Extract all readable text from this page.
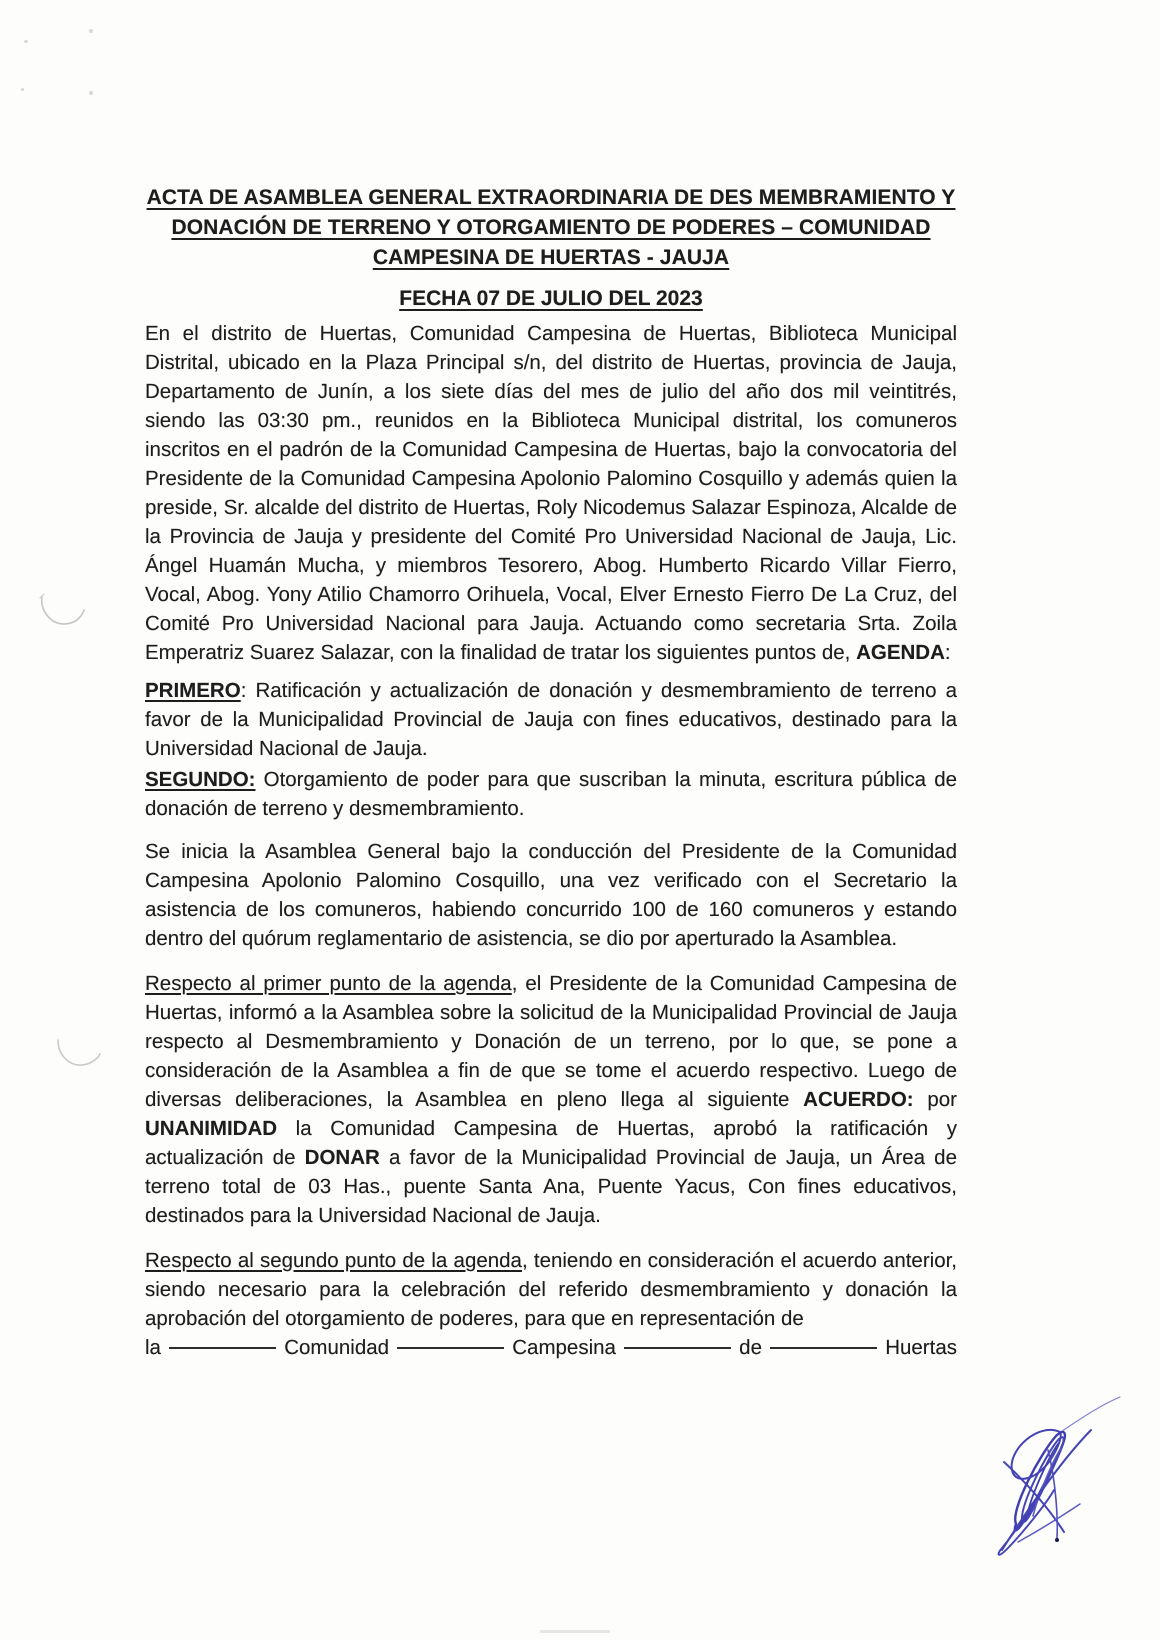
ACTA DE ASAMBLEA GENERAL EXTRAORDINARIA DE DES MEMBRAMIENTO Y
DONACIÓN DE TERRENO Y OTORGAMIENTO DE PODERES – COMUNIDAD
CAMPESINA DE HUERTAS - JAUJA
FECHA 07 DE JULIO DEL 2023

En el distrito de Huertas, Comunidad Campesina de Huertas, Biblioteca Municipal Distrital, ubicado en la Plaza Principal s/n, del distrito de Huertas, provincia de Jauja, Departamento de Junín, a los siete días del mes de julio del año dos mil veintitrés, siendo las 03:30 pm., reunidos en la Biblioteca Municipal distrital, los comuneros inscritos en el padrón de la Comunidad Campesina de Huertas, bajo la convocatoria del Presidente de la Comunidad Campesina Apolonio Palomino Cosquillo y además quien la preside, Sr. alcalde del distrito de Huertas, Roly Nicodemus Salazar Espinoza, Alcalde de la Provincia de Jauja y presidente del Comité Pro Universidad Nacional de Jauja, Lic. Ángel Huamán Mucha, y miembros Tesorero, Abog. Humberto Ricardo Villar Fierro, Vocal, Abog. Yony Atilio Chamorro Orihuela, Vocal, Elver Ernesto Fierro De La Cruz, del Comité Pro Universidad Nacional para Jauja. Actuando como secretaria Srta. Zoila Emperatriz Suarez Salazar, con la finalidad de tratar los siguientes puntos de, AGENDA:

PRIMERO: Ratificación y actualización de donación y desmembramiento de terreno a favor de la Municipalidad Provincial de Jauja con fines educativos, destinado para la Universidad Nacional de Jauja.

SEGUNDO: Otorgamiento de poder para que suscriban la minuta, escritura pública de donación de terreno y desmembramiento.

Se inicia la Asamblea General bajo la conducción del Presidente de la Comunidad Campesina Apolonio Palomino Cosquillo, una vez verificado con el Secretario la asistencia de los comuneros, habiendo concurrido 100 de 160 comuneros y estando dentro del quórum reglamentario de asistencia, se dio por aperturado la Asamblea.

Respecto al primer punto de la agenda, el Presidente de la Comunidad Campesina de Huertas, informó a la Asamblea sobre la solicitud de la Municipalidad Provincial de Jauja respecto al Desmembramiento y Donación de un terreno, por lo que, se pone a consideración de la Asamblea a fin de que se tome el acuerdo respectivo. Luego de diversas deliberaciones, la Asamblea en pleno llega al siguiente ACUERDO: por UNANIMIDAD la Comunidad Campesina de Huertas, aprobó la ratificación y actualización de DONAR a favor de la Municipalidad Provincial de Jauja, un Área de terreno total de 03 Has., puente Santa Ana, Puente Yacus, Con fines educativos, destinados para la Universidad Nacional de Jauja.

Respecto al segundo punto de la agenda, teniendo en consideración el acuerdo anterior, siendo necesario para la celebración del referido desmembramiento y donación la aprobación del otorgamiento de poderes, para que en representación de

la	Comunidad	Campesina	de	Huertas
